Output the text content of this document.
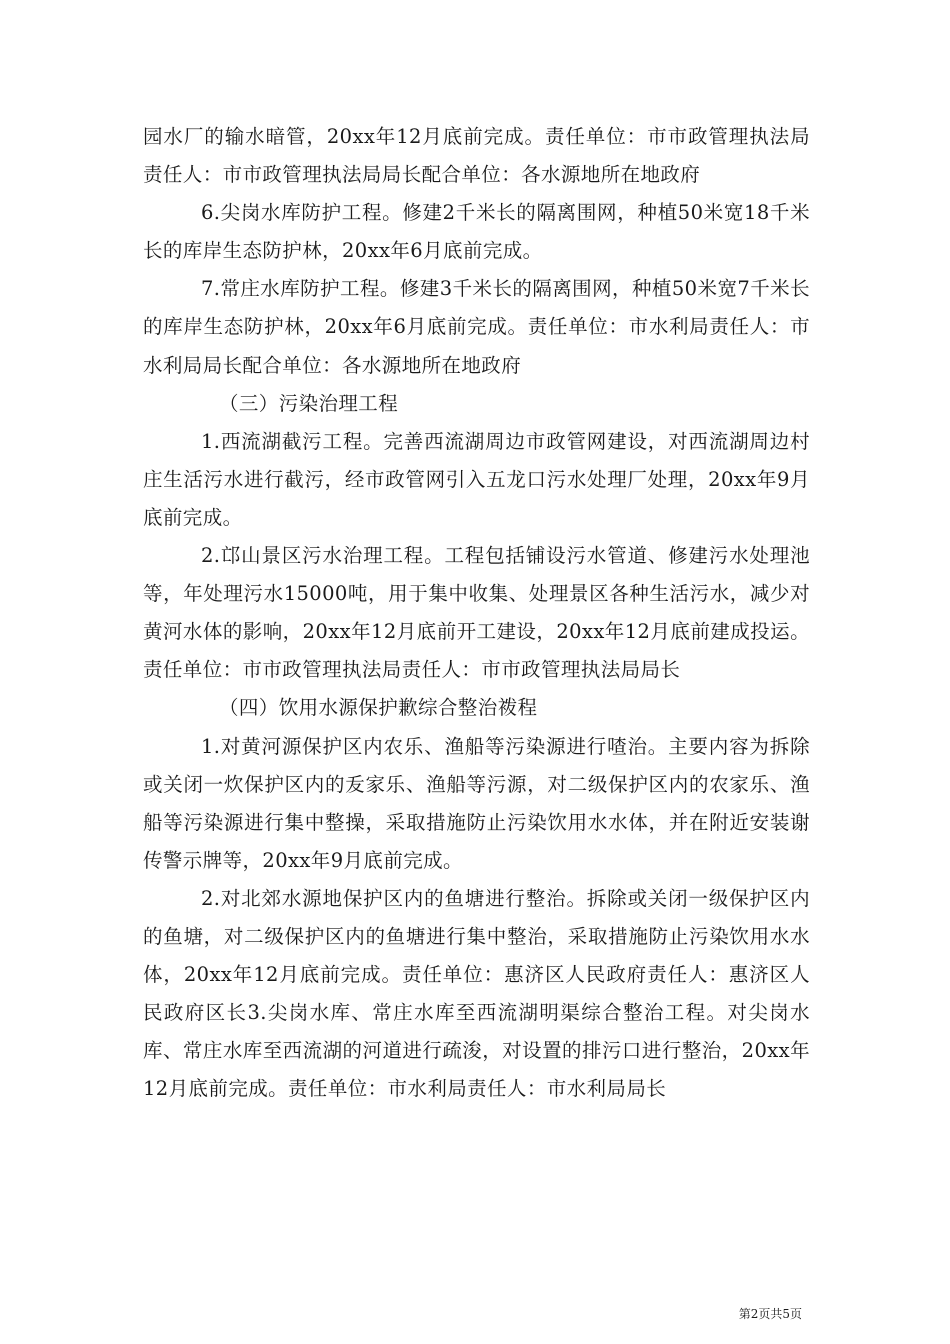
园水厂的输水暗管，20xx年12月底前完成。责任单位：市市政管理执法局责任人：市市政管理执法局局长配合单位：各水源地所在地政府

6.尖岗水库防护工程。修建2千米长的隔离围网，种植50米宽18千米长的库岸生态防护林，20xx年6月底前完成。

7.常庄水库防护工程。修建3千米长的隔离围网，种植50米宽7千米长的库岸生态防护林，20xx年6月底前完成。责任单位：市水利局责任人：市水利局局长配合单位：各水源地所在地政府

（三）污染治理工程

1.西流湖截污工程。完善西流湖周边市政管网建设，对西流湖周边村庄生活污水进行截污，经市政管网引入五龙口污水处理厂处理，20xx年9月底前完成。

2.邙山景区污水治理工程。工程包括铺设污水管道、修建污水处理池等，年处理污水15000吨，用于集中收集、处理景区各种生活污水，减少对黄河水体的影响，20xx年12月底前开工建设，20xx年12月底前建成投运。责任单位：市市政管理执法局责任人：市市政管理执法局局长

（四）饮用水源保护歉综合整治袯程

1.对黄河源保护区内农乐、渔船等污染源进行喳治。主要内容为拆除或关闭一炊保护区内的叐家乐、渔船等污源，对二级保护区内的农家乐、渔船等污染源进行集中整操，采取措施防止污染饮用水水体，并在附近安装谢传警示牌等，20xx年9月底前完成。

2.对北郊水源地保护区内的鱼塘进行整治。拆除或关闭一级保护区内的鱼塘，对二级保护区内的鱼塘进行集中整治，采取措施防止污染饮用水水体，20xx年12月底前完成。责任单位：惠济区人民政府责任人：惠济区人民政府区长3.尖岗水库、常庄水库至西流湖明渠综合整治工程。对尖岗水库、常庄水库至西流湖的河道进行疏浚，对设置的排污口进行整治，20xx年12月底前完成。责任单位：市水利局责任人：市水利局局长

第2页共5页
